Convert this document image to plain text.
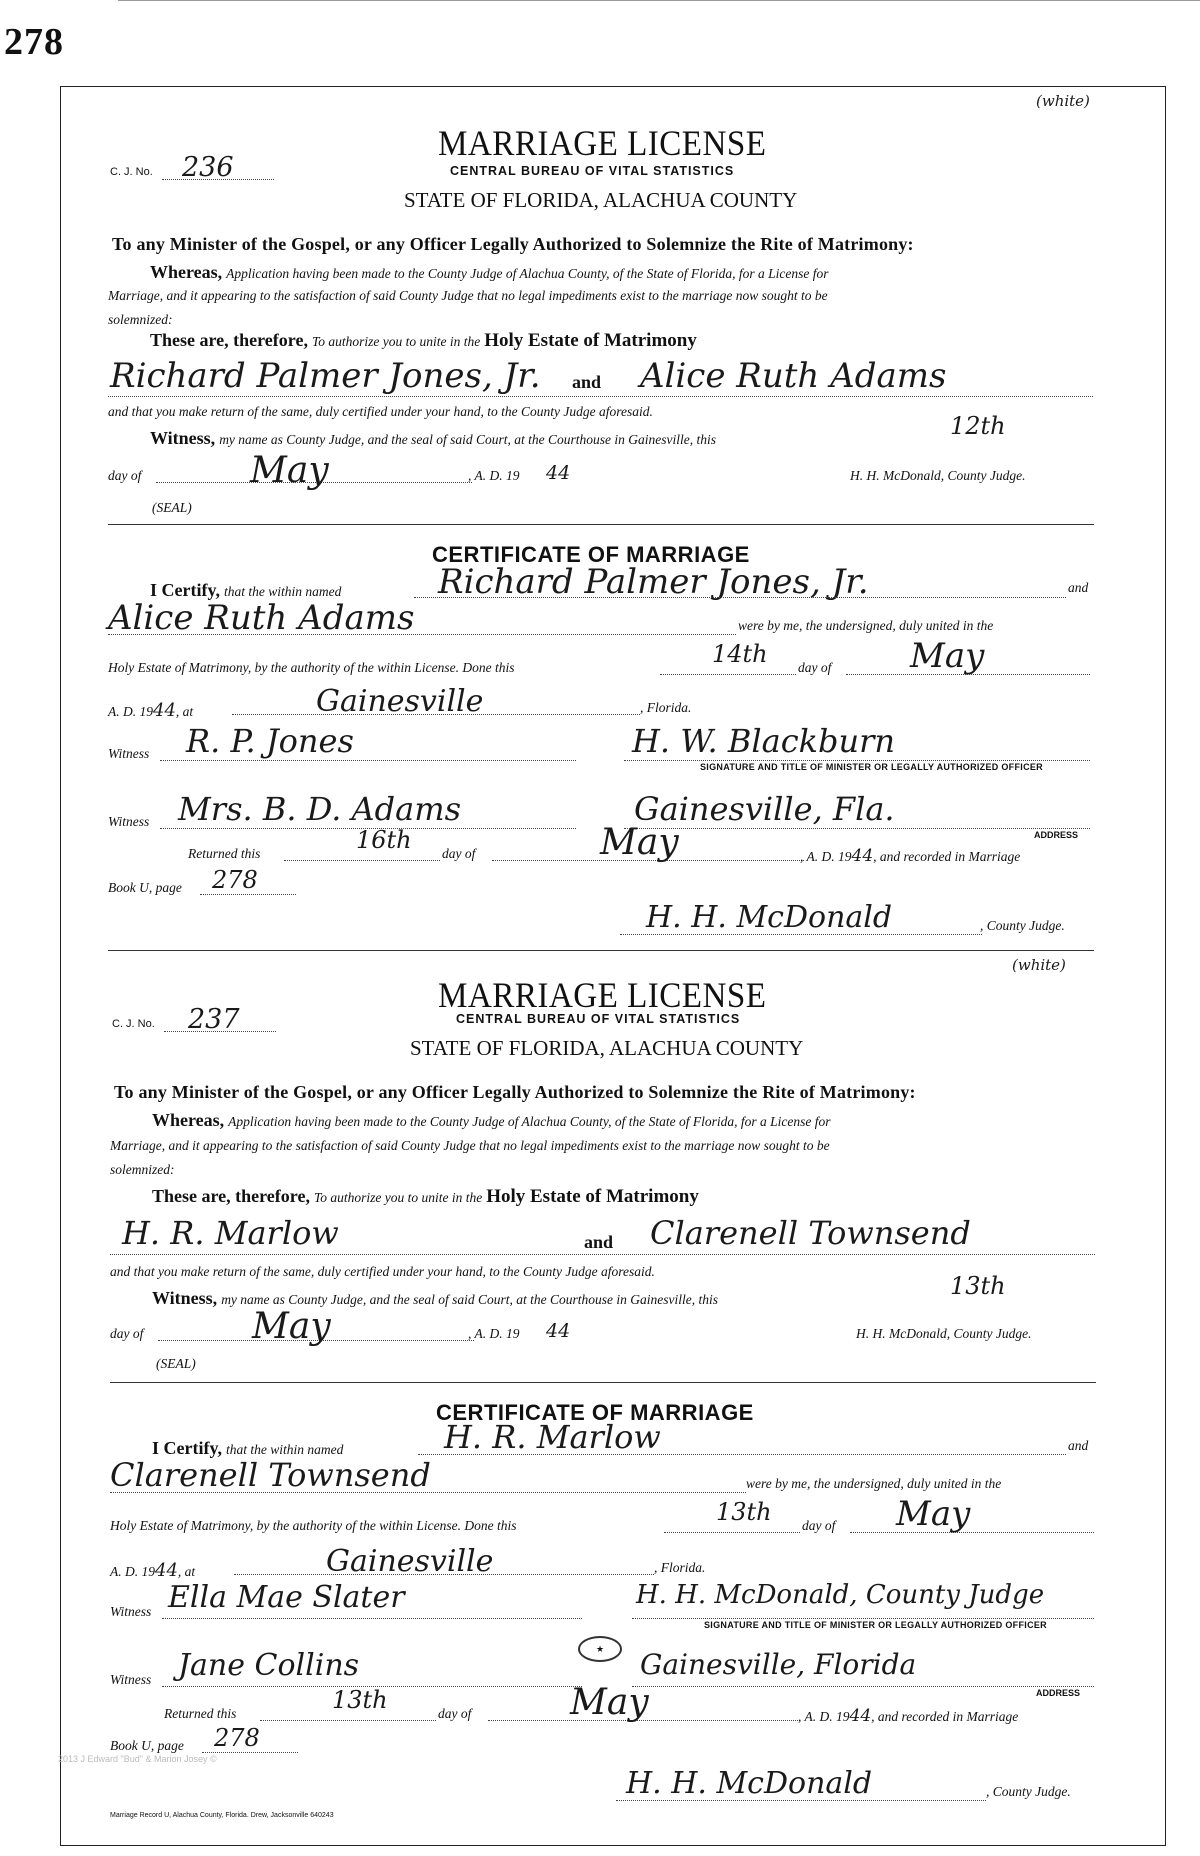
278
(white)
MARRIAGE LICENSE
C. J. No. 236	CENTRAL BUREAU OF VITAL STATISTICS
STATE OF FLORIDA, ALACHUA COUNTY
To any Minister of the Gospel, or any Officer Legally Authorized to Solemnize the Rite of Matrimony:
Whereas, Application having been made to the County Judge of Alachua County, of the State of Florida, for a License for
Marriage, and it appearing to the satisfaction of said County Judge that no legal impediments exist to the marriage now sought to be
solemnized:
These are, therefore, To authorize you to unite in the Holy Estate of Matrimony
Richard Palmer Jones, Jr. and Alice Ruth Adams
and that you make return of the same, duly certified under your hand, to the County Judge aforesaid.
Witness, my name as County Judge, and the seal of said Court, at the Courthouse in Gainesville, this	12th
day of	May	, A. D. 19 44	H. H. McDonald, County Judge.
(SEAL)
CERTIFICATE OF MARRIAGE
I Certify, that the within named	Richard Palmer Jones, Jr.	and
Alice Ruth Adams	were by me, the undersigned, duly united in the
Holy Estate of Matrimony, by the authority of the within License. Done this	14th day of May
A. D. 1944, at	Gainesville	, Florida.
Witness R. P. Jones	H. W. Blackburn
SIGNATURE AND TITLE OF MINISTER OR LEGALLY AUTHORIZED OFFICER
Witness Mrs. B. D. Adams	Gainesville, Fla.
ADDRESS
Returned this	16th day of	May	, A. D. 1944, and recorded in Marriage
Book U, page 278
H. H. McDonald	, County Judge.
(white)
MARRIAGE LICENSE
C. J. No. 237	CENTRAL BUREAU OF VITAL STATISTICS
STATE OF FLORIDA, ALACHUA COUNTY
To any Minister of the Gospel, or any Officer Legally Authorized to Solemnize the Rite of Matrimony:
Whereas, Application having been made to the County Judge of Alachua County, of the State of Florida, for a License for
Marriage, and it appearing to the satisfaction of said County Judge that no legal impediments exist to the marriage now sought to be
solemnized:
These are, therefore, To authorize you to unite in the Holy Estate of Matrimony
H. R. Marlow	and Clarenell Townsend
and that you make return of the same, duly certified under your hand, to the County Judge aforesaid.
Witness, my name as County Judge, and the seal of said Court, at the Courthouse in Gainesville, this	13th
day of	May	, A. D. 19 44	H. H. McDonald, County Judge.
(SEAL)
CERTIFICATE OF MARRIAGE
I Certify, that the within named	H. R. Marlow	and
Clarenell Townsend	were by me, the undersigned, duly united in the
Holy Estate of Matrimony, by the authority of the within License. Done this	13th day of May
A. D. 1944, at	Gainesville	, Florida.
Witness Ella Mae Slater	H. H. McDonald, County Judge
SIGNATURE AND TITLE OF MINISTER OR LEGALLY AUTHORIZED OFFICER
★
Witness Jane Collins	Gainesville, Florida
ADDRESS
Returned this	13th	day of	May	, A. D. 1944, and recorded in Marriage
Book U, page 278
H. H. McDonald	, County Judge.
2013 J Edward "Bud" & Marion Josey ©
Marriage Record U, Alachua County, Florida. Drew, Jacksonville 640243
